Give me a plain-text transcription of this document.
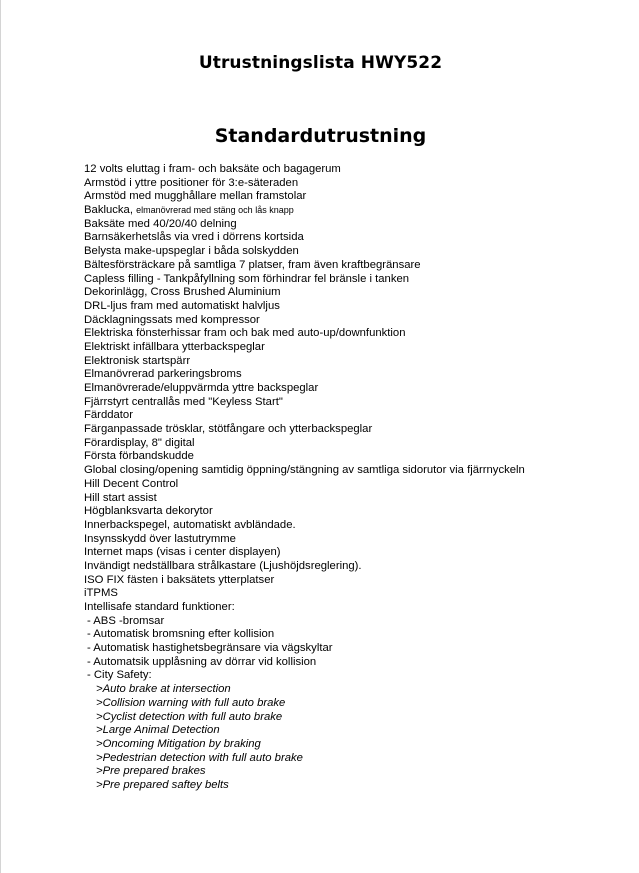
Utrustningslista HWY522
Standardutrustning
12 volts eluttag i fram- och baksäte och bagagerum
Armstöd i yttre positioner för 3:e-säteraden
Armstöd med mugghållare mellan framstolar
Baklucka, elmanövrerad med stäng och lås knapp
Baksäte med 40/20/40 delning
Barnsäkerhetslås via vred i dörrens kortsida
Belysta make-upspeglar i båda solskydden
Bältesförsträckare på samtliga 7 platser, fram även kraftbegränsare
Capless filling - Tankpåfyllning som förhindrar fel bränsle i tanken
Dekorinlägg, Cross Brushed Aluminium
DRL-ljus fram med automatiskt halvljus
Däcklagningssats med kompressor
Elektriska fönsterhissar fram och bak med auto-up/downfunktion
Elektriskt infällbara ytterbackspeglar
Elektronisk startspärr
Elmanövrerad parkeringsbroms
Elmanövrerade/eluppvärmda yttre backspeglar
Fjärrstyrt centrallås med "Keyless Start"
Färddator
Färganpassade trösklar, stötfångare och ytterbackspeglar
Förardisplay, 8" digital
Första förbandskudde
Global closing/opening samtidig öppning/stängning av samtliga sidorutor via fjärrnyckeln
Hill Decent Control
Hill start assist
Högblanksvarta dekorytor
Innerbackspegel, automatiskt avbländade.
Insynsskydd över lastutrymme
Internet maps (visas i center displayen)
Invändigt nedställbara strålkastare (Ljushöjdsreglering).
ISO FIX fästen i baksätets ytterplatser
iTPMS
Intellisafe standard funktioner:
- ABS -bromsar
- Automatisk bromsning efter kollision
- Automatisk hastighetsbegränsare via vägskyltar
- Automatsik upplåsning av dörrar vid kollision
- City Safety:
>Auto brake at intersection
>Collision warning with full auto brake
>Cyclist detection with full auto brake
>Large Animal Detection
>Oncoming Mitigation by braking
>Pedestrian detection with full auto brake
>Pre prepared brakes
>Pre prepared saftey belts
